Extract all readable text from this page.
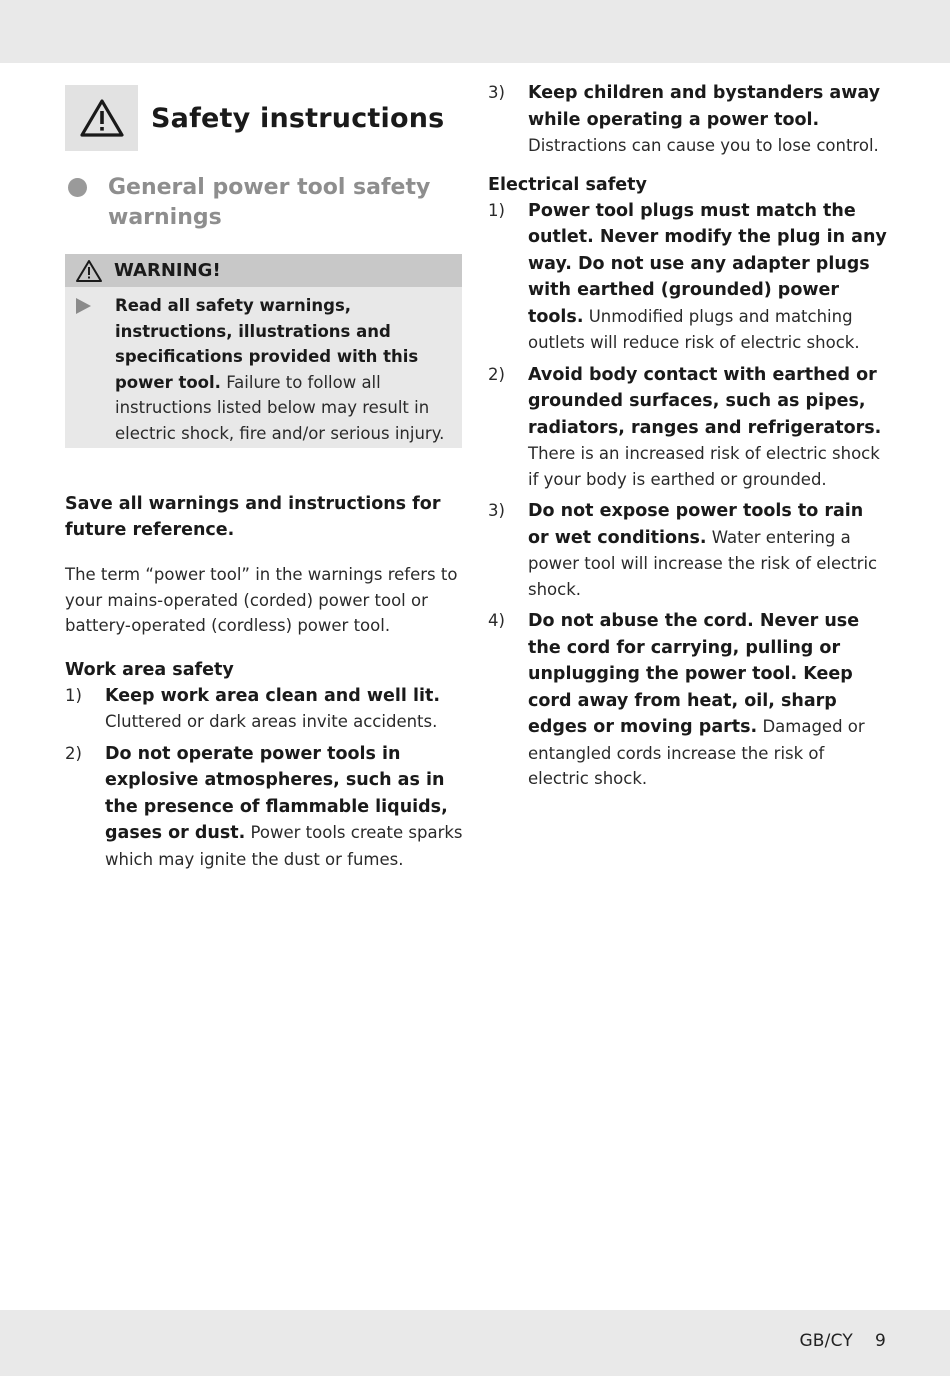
Safety instructions
General power tool safety warnings
WARNING!
Read all safety warnings, instructions, illustrations and specifications provided with this power tool. Failure to follow all instructions listed below may result in electric shock, fire and/or serious injury.
Save all warnings and instructions for future reference.
The term “power tool” in the warnings refers to your mains-operated (corded) power tool or battery-operated (cordless) power tool.
Work area safety
1)	Keep work area clean and well lit. Cluttered or dark areas invite accidents.
2)	Do not operate power tools in explosive atmospheres, such as in the presence of flammable liquids, gases or dust. Power tools create sparks which may ignite the dust or fumes.
3)	Keep children and bystanders away while operating a power tool. Distractions can cause you to lose control.
Electrical safety
1)	Power tool plugs must match the outlet. Never modify the plug in any way. Do not use any adapter plugs with earthed (grounded) power tools. Unmodified plugs and matching outlets will reduce risk of electric shock.
2)	Avoid body contact with earthed or grounded surfaces, such as pipes, radiators, ranges and refrigerators. There is an increased risk of electric shock if your body is earthed or grounded.
3)	Do not expose power tools to rain or wet conditions. Water entering a power tool will increase the risk of electric shock.
4)	Do not abuse the cord. Never use the cord for carrying, pulling or unplugging the power tool. Keep cord away from heat, oil, sharp edges or moving parts. Damaged or entangled cords increase the risk of electric shock.
GB/CY 9
